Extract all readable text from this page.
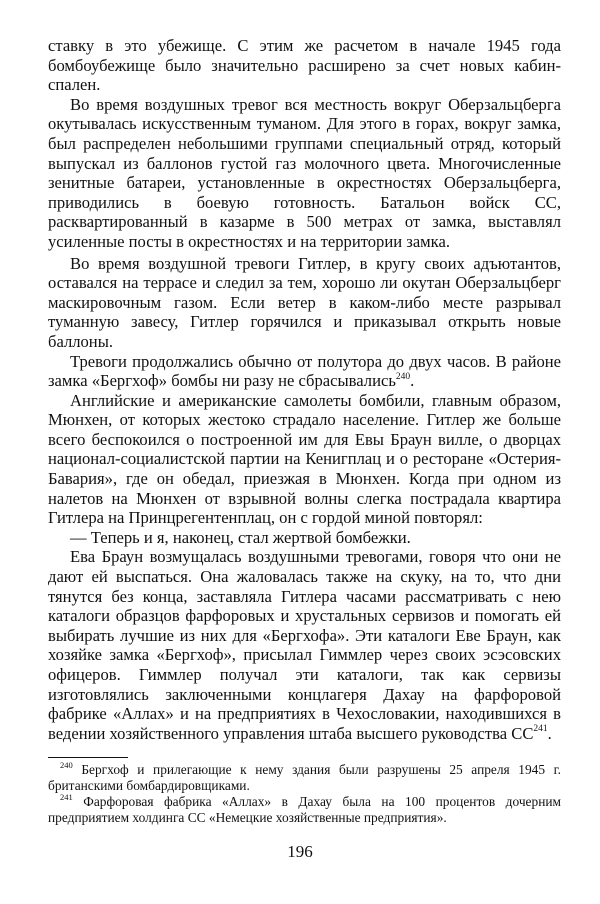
ставку в это убежище. С этим же расчетом в начале 1945 года бомбоубежище было значительно расширено за счет новых кабин-спален.

Во время воздушных тревог вся местность вокруг Оберзальцберга окутывалась искусственным туманом. Для этого в горах, вокруг замка, был распределен небольшими группами специальный отряд, который выпускал из баллонов густой газ молочного цвета. Многочисленные зенитные батареи, установленные в окрестностях Оберзальцберга, приводились в боевую готовность. Батальон войск СС, расквартированный в казарме в 500 метрах от замка, выставлял усиленные посты в окрестностях и на территории замка.

Во время воздушной тревоги Гитлер, в кругу своих адъютантов, оставался на террасе и следил за тем, хорошо ли окутан Оберзальцберг маскировочным газом. Если ветер в каком-либо месте разрывал туманную завесу, Гитлер горячился и приказывал открыть новые баллоны.

Тревоги продолжались обычно от полутора до двух часов. В районе замка «Бергхоф» бомбы ни разу не сбрасывались$^{240}$.

Английские и американские самолеты бомбили, главным образом, Мюнхен, от которых жестоко страдало население. Гитлер же больше всего беспокоился о построенной им для Евы Браун вилле, о дворцах национал-социалистской партии на Кенигплац и о ресторане «Остерия-Бавария», где он обедал, приезжая в Мюнхен. Когда при одном из налетов на Мюнхен от взрывной волны слегка пострадала квартира Гитлера на Принцрегентенплац, он с гордой миной повторял:

— Теперь и я, наконец, стал жертвой бомбежки.

Ева Браун возмущалась воздушными тревогами, говоря что они не дают ей выспаться. Она жаловалась также на скуку, на то, что дни тянутся без конца, заставляла Гитлера часами рассматривать с нею каталоги образцов фарфоровых и хрустальных сервизов и помогать ей выбирать лучшие из них для «Бергхофа». Эти каталоги Еве Браун, как хозяйке замка «Бергхоф», присылал Гиммлер через своих эсэсовских офицеров. Гиммлер получал эти каталоги, так как сервизы изготовлялись заключенными концлагеря Дахау на фарфоровой фабрике «Аллах» и на предприятиях в Чехословакии, находившихся в ведении хозяйственного управления штаба высшего руководства СС$^{241}$.

$^{240}$ Бергхоф и прилегающие к нему здания были разрушены 25 апреля 1945 г. британскими бомбардировщиками.

$^{241}$ Фарфоровая фабрика «Аллах» в Дахау была на 100 процентов дочерним предприятием холдинга СС «Немецкие хозяйственные предприятия».

196
